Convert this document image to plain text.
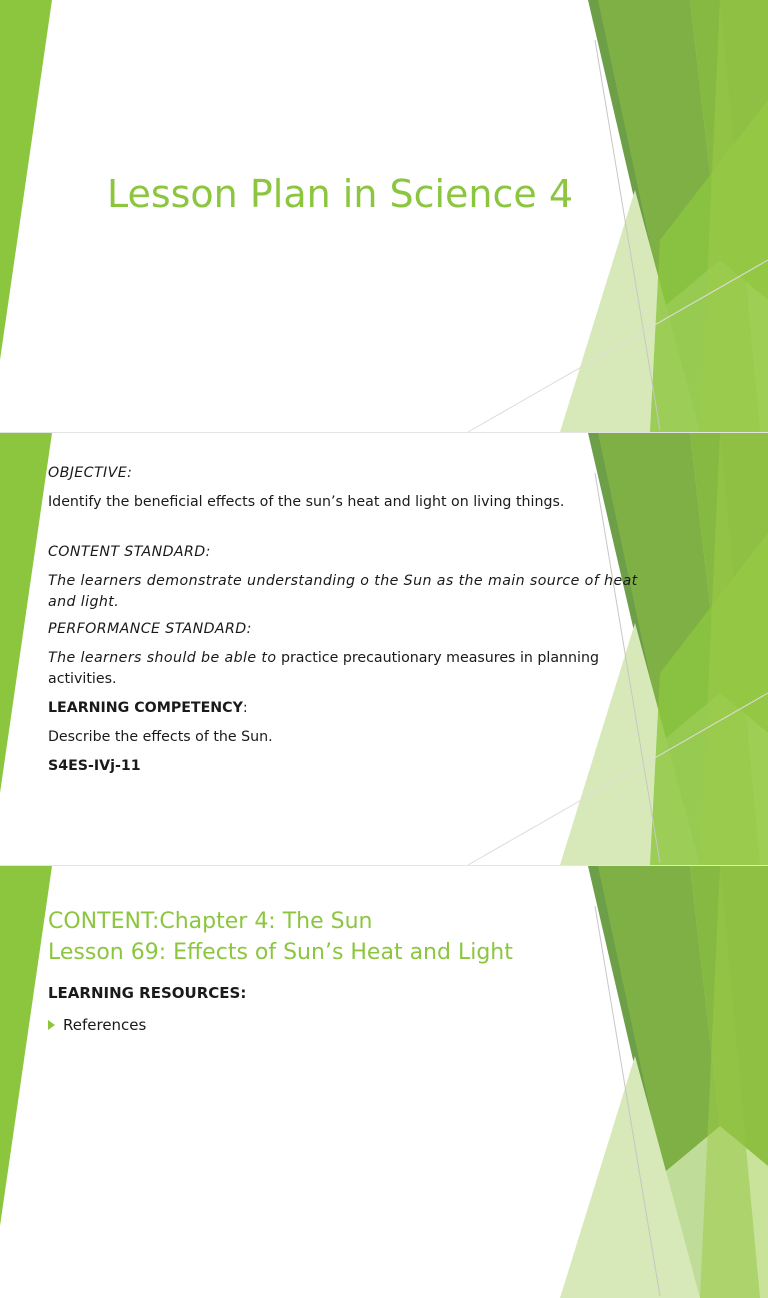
Lesson Plan in Science 4

OBJECTIVE:

Identify the beneficial effects of the sun’s heat and light on living things.

CONTENT STANDARD:

The learners demonstrate understanding o the Sun as the main source of heat and light.

PERFORMANCE STANDARD:

The learners should be able to practice precautionary measures in planning activities.

LEARNING COMPETENCY:

Describe the effects of the Sun.

S4ES-IVj-11

CONTENT:Chapter 4: The Sun
Lesson 69: Effects of Sun’s Heat and Light
LEARNING RESOURCES:
References
